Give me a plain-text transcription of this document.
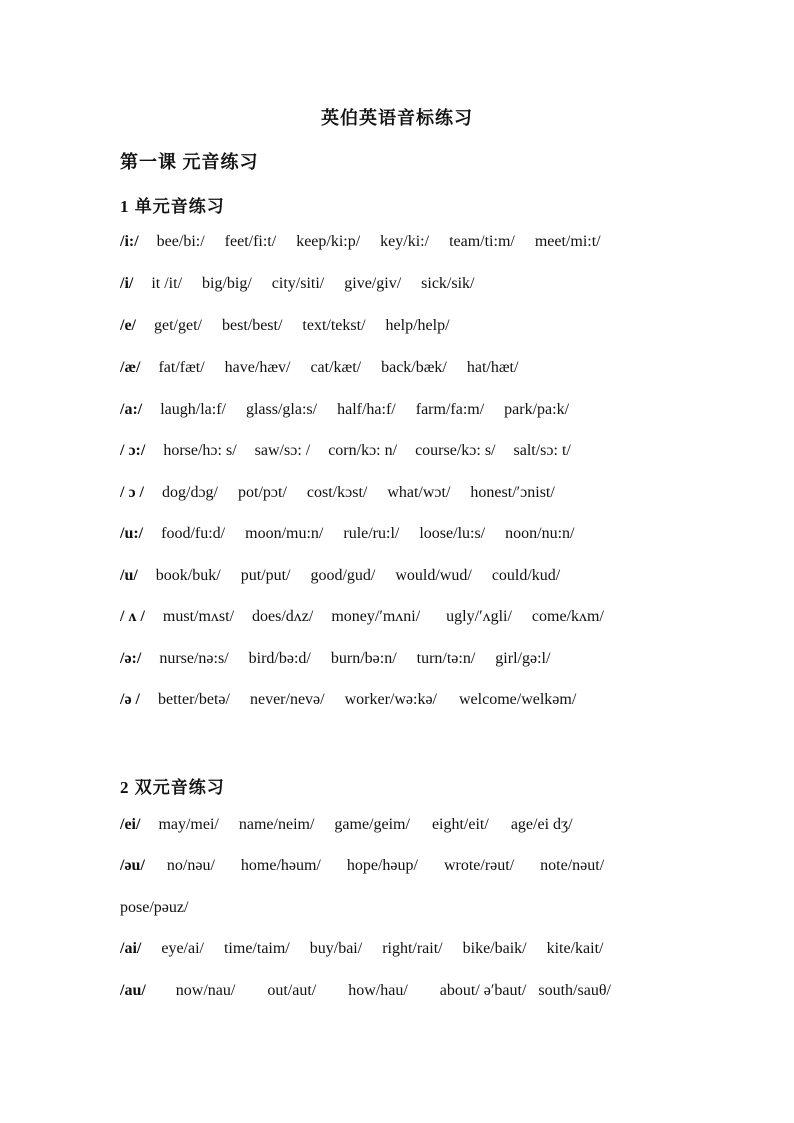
英伯英语音标练习
第一课 元音练习
1 单元音练习
/i:/ bee/bi:/ feet/fi:t/ keep/ki:p/ key/ki:/ team/ti:m/ meet/mi:t/
/i/ it /it/ big/big/ city/siti/ give/giv/ sick/sik/
/e/ get/get/ best/best/ text/tekst/ help/help/
/æ/ fat/fæt/ have/hæv/ cat/kæt/ back/bæk/ hat/hæt/
/a:/ laugh/la:f/ glass/gla:s/ half/ha:f/ farm/fa:m/ park/pa:k/
/ ɔ:/ horse/hɔ: s/ saw/sɔ: / corn/kɔ: n/ course/kɔ: s/ salt/sɔ: t/
/ ɔ / dog/dɔg/ pot/pɔt/ cost/kɔst/ what/wɔt/ honest/′ɔnist/
/u:/ food/fu:d/ moon/mu:n/ rule/ru:l/ loose/lu:s/ noon/nu:n/
/u/ book/buk/ put/put/ good/gud/ would/wud/ could/kud/
/ ʌ / must/mʌst/ does/dʌz/ money/′mʌni/ ugly/′ʌgli/ come/kʌm/
/ə:/ nurse/nə:s/ bird/bə:d/ burn/bə:n/ turn/tə:n/ girl/gə:l/
/ə / better/betə/ never/nevə/ worker/wə:kə/ welcome/welkəm/
2 双元音练习
/ei/ may/mei/ name/neim/ game/geim/ eight/eit/ age/ei dʒ/
/əu/ no/nəu/ home/həum/ hope/həup/ wrote/rəut/ note/nəut/
pose/pəuz/
/ai/ eye/ai/ time/taim/ buy/bai/ right/rait/ bike/baik/ kite/kait/
/au/ now/nau/ out/aut/ how/hau/ about/ ə′baut/ south/sauθ/
